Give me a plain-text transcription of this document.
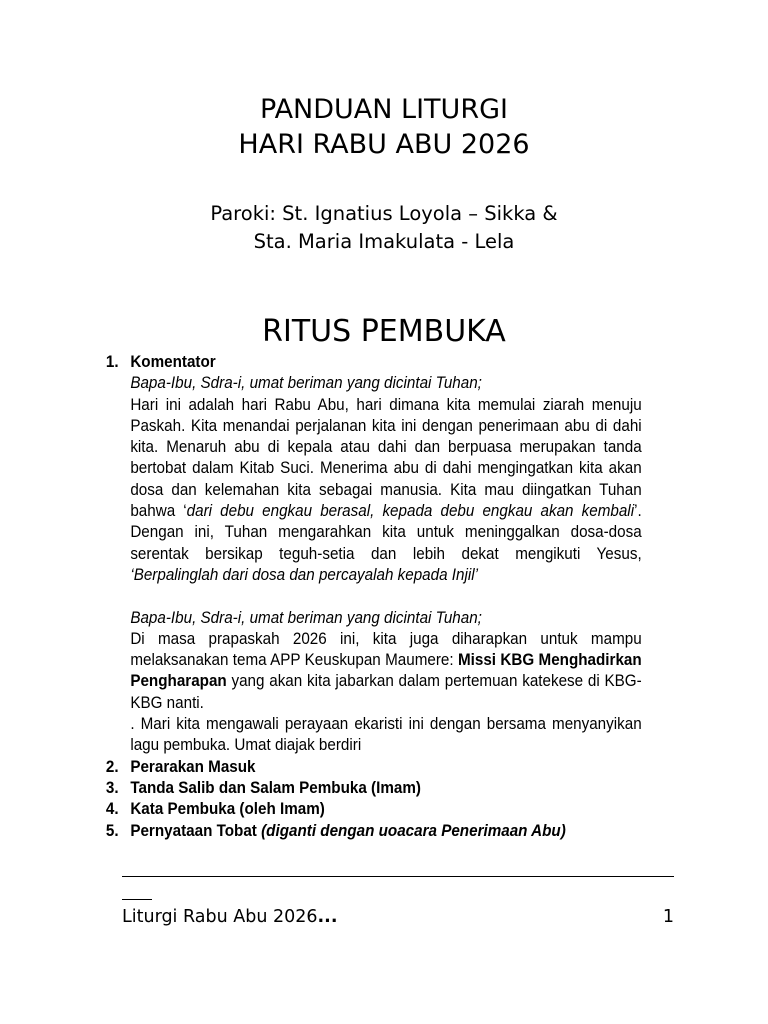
PANDUAN LITURGI
HARI RABU ABU 2026
Paroki: St. Ignatius Loyola – Sikka &
Sta. Maria Imakulata - Lela
RITUS PEMBUKA
1. Komentator
Bapa-Ibu, Sdra-i, umat beriman yang dicintai Tuhan;
Hari ini adalah hari Rabu Abu, hari dimana kita memulai ziarah menuju Paskah. Kita menandai perjalanan kita ini dengan penerimaan abu di dahi kita. Menaruh abu di kepala atau dahi dan berpuasa merupakan tanda bertobat dalam Kitab Suci. Menerima abu di dahi mengingatkan kita akan dosa dan kelemahan kita sebagai manusia. Kita mau diingatkan Tuhan bahwa ‘dari debu engkau berasal, kepada debu engkau akan kembali’. Dengan ini, Tuhan mengarahkan kita untuk meninggalkan dosa-dosa serentak bersikap teguh-setia dan lebih dekat mengikuti Yesus, ‘Berpalinglah dari dosa dan percayalah kepada Injil’
Bapa-Ibu, Sdra-i, umat beriman yang dicintai Tuhan;
Di masa prapaskah 2026 ini, kita juga diharapkan untuk mampu melaksanakan tema APP Keuskupan Maumere: Missi KBG Menghadirkan Pengharapan yang akan kita jabarkan dalam pertemuan katekese di KBG-KBG nanti.
. Mari kita mengawali perayaan ekaristi ini dengan bersama menyanyikan lagu pembuka. Umat diajak berdiri
2. Perarakan Masuk
3. Tanda Salib dan Salam Pembuka (Imam)
4. Kata Pembuka (oleh Imam)
5. Pernyataan Tobat (diganti dengan uoacara Penerimaan Abu)
Liturgi Rabu Abu 2026...	1
